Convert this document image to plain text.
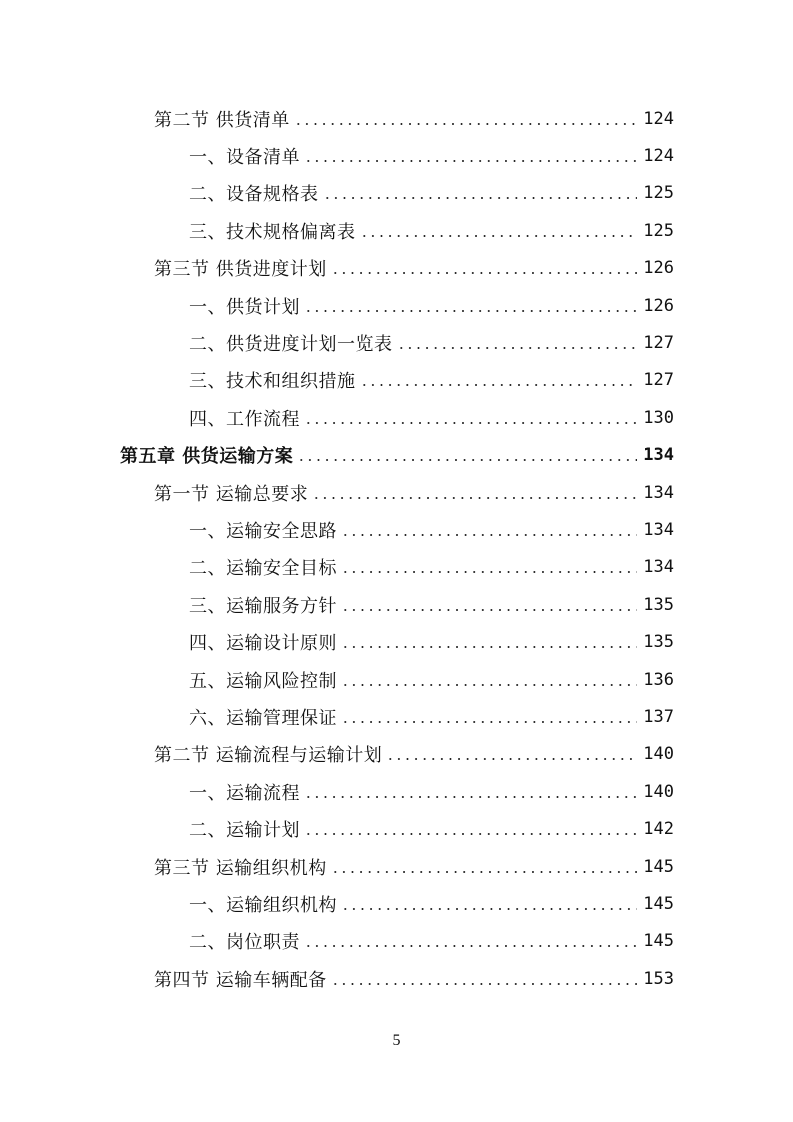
第二节 供货清单	124
一、设备清单	124
二、设备规格表	125
三、技术规格偏离表	125
第三节 供货进度计划	126
一、供货计划	126
二、供货进度计划一览表	127
三、技术和组织措施	127
四、工作流程	130
第五章 供货运输方案	134
第一节 运输总要求	134
一、运输安全思路	134
二、运输安全目标	134
三、运输服务方针	135
四、运输设计原则	135
五、运输风险控制	136
六、运输管理保证	137
第二节 运输流程与运输计划	140
一、运输流程	140
二、运输计划	142
第三节 运输组织机构	145
一、运输组织机构	145
二、岗位职责	145
第四节 运输车辆配备	153
5
